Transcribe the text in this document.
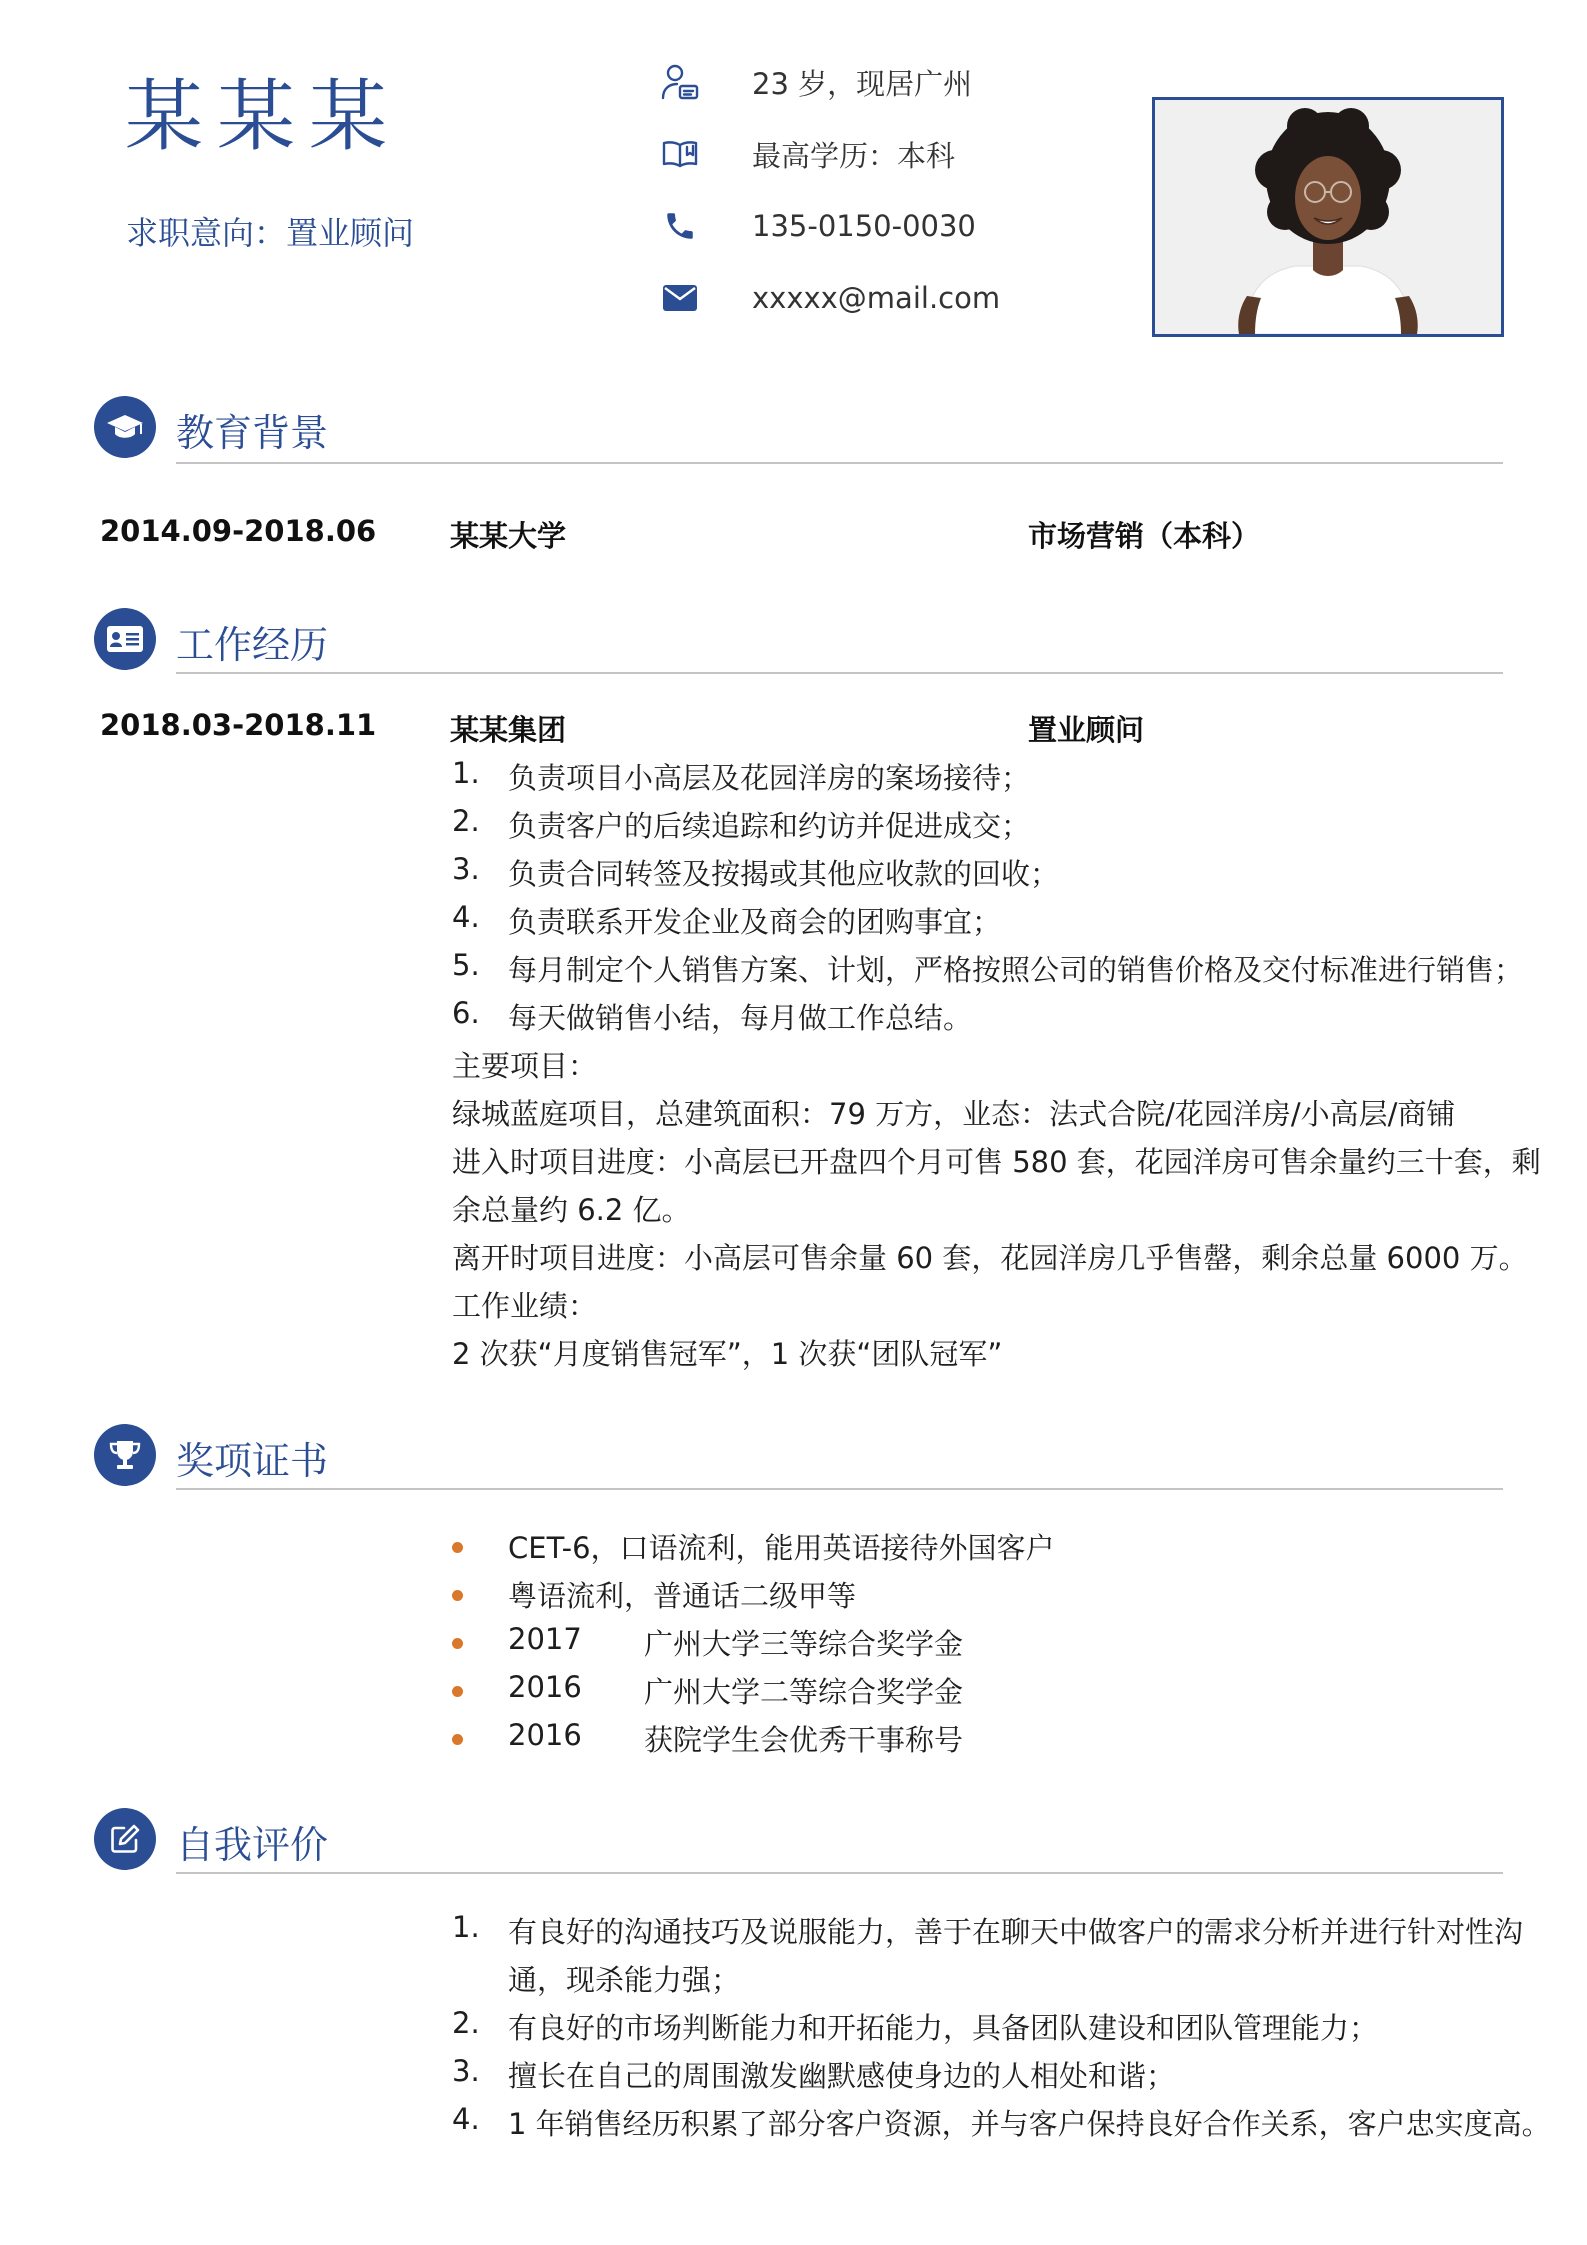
某某某
求职意向：置业顾问
23 岁，现居广州
最高学历：本科
135-0150-0030
xxxxx@mail.com
教育背景
2014.09-2018.06	某某大学	市场营销（本科）
工作经历
2018.03-2018.11	某某集团	置业顾问
1. 负责项目小高层及花园洋房的案场接待；
2. 负责客户的后续追踪和约访并促进成交；
3. 负责合同转签及按揭或其他应收款的回收；
4. 负责联系开发企业及商会的团购事宜；
5. 每月制定个人销售方案、计划，严格按照公司的销售价格及交付标准进行销售；
6. 每天做销售小结，每月做工作总结。
主要项目：
绿城蓝庭项目，总建筑面积：79 万方，业态：法式合院/花园洋房/小高层/商铺
进入时项目进度：小高层已开盘四个月可售 580 套，花园洋房可售余量约三十套，剩
余总量约 6.2 亿。
离开时项目进度：小高层可售余量 60 套，花园洋房几乎售罄，剩余总量 6000 万。
工作业绩：
2 次获“月度销售冠军”，1 次获“团队冠军”
奖项证书
CET-6，口语流利，能用英语接待外国客户
粤语流利，普通话二级甲等
2017 广州大学三等综合奖学金
2016 广州大学二等综合奖学金
2016 获院学生会优秀干事称号
自我评价
1. 有良好的沟通技巧及说服能力，善于在聊天中做客户的需求分析并进行针对性沟
通，现杀能力强；
2. 有良好的市场判断能力和开拓能力，具备团队建设和团队管理能力；
3. 擅长在自己的周围激发幽默感使身边的人相处和谐；
4. 1 年销售经历积累了部分客户资源，并与客户保持良好合作关系，客户忠实度高。
